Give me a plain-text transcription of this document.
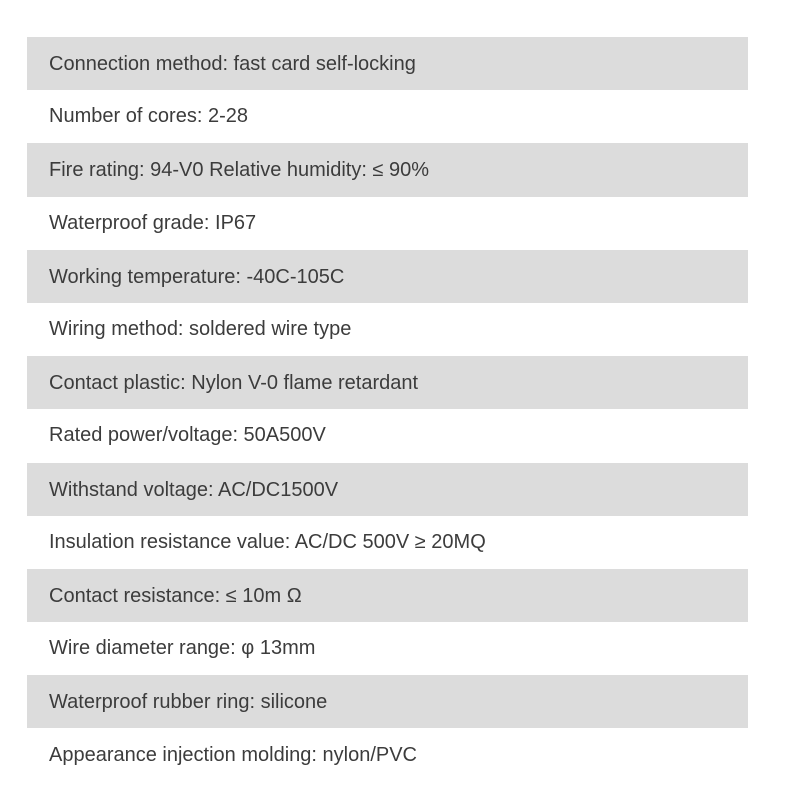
Connection method: fast card self-locking
Number of cores: 2-28
Fire rating: 94-V0 Relative humidity: ≤ 90%
Waterproof grade: IP67
Working temperature: -40C-105C
Wiring method: soldered wire type
Contact plastic: Nylon V-0 flame retardant
Rated power/voltage: 50A500V
Withstand voltage: AC/DC1500V
Insulation resistance value: AC/DC 500V ≥ 20MQ
Contact resistance: ≤ 10m Ω
Wire diameter range: φ 13mm
Waterproof rubber ring: silicone
Appearance injection molding: nylon/PVC
